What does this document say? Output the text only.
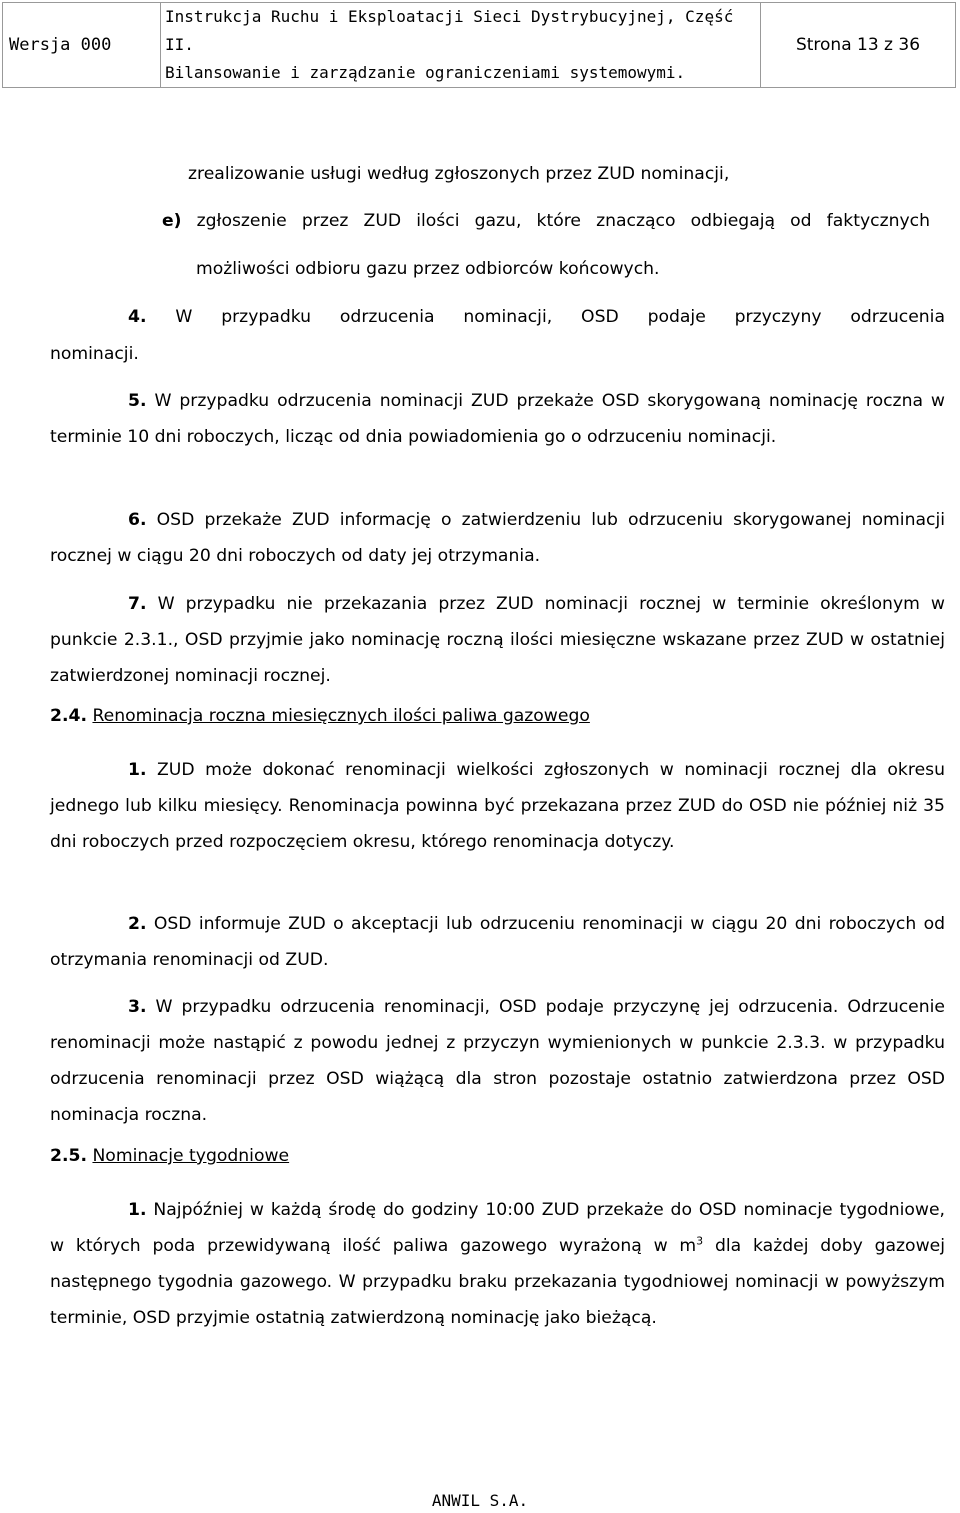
Wersja 000
Instrukcja Ruchu i Eksploatacji Sieci Dystrybucyjnej, Część II.
Bilansowanie i zarządzanie ograniczeniami systemowymi.
Strona 13 z 36

zrealizowanie usługi według zgłoszonych przez ZUD nominacji,

e) zgłoszenie przez ZUD ilości gazu, które znacząco odbiegają od faktycznych

możliwości odbioru gazu przez odbiorców końcowych.

4. W przypadku odrzucenia nominacji, OSD podaje przyczyny odrzucenia

nominacji.

5. W przypadku odrzucenia nominacji ZUD przekaże OSD skorygowaną nominację roczna w terminie 10 dni roboczych, licząc od dnia powiadomienia go o odrzuceniu nominacji.

6. OSD przekaże ZUD informację o zatwierdzeniu lub odrzuceniu skorygowanej nominacji rocznej w ciągu 20 dni roboczych od daty jej otrzymania.

7. W przypadku nie przekazania przez ZUD nominacji rocznej w terminie określonym w punkcie 2.3.1., OSD przyjmie jako nominację roczną ilości miesięczne wskazane przez ZUD w ostatniej zatwierdzonej nominacji rocznej.

2.4. Renominacja roczna miesięcznych ilości paliwa gazowego

1. ZUD może dokonać renominacji wielkości zgłoszonych w nominacji rocznej dla okresu jednego lub kilku miesięcy. Renominacja powinna być przekazana przez ZUD do OSD nie później niż 35 dni roboczych przed rozpoczęciem okresu, którego renominacja dotyczy.

2. OSD informuje ZUD o akceptacji lub odrzuceniu renominacji w ciągu 20 dni roboczych od otrzymania renominacji od ZUD.

3. W przypadku odrzucenia renominacji, OSD podaje przyczynę jej odrzucenia. Odrzucenie renominacji może nastąpić z powodu jednej z przyczyn wymienionych w punkcie 2.3.3. w przypadku odrzucenia renominacji przez OSD wiążącą dla stron pozostaje ostatnio zatwierdzona przez OSD nominacja roczna.

2.5. Nominacje tygodniowe

1. Najpóźniej w każdą środę do godziny 10:00 ZUD przekaże do OSD nominacje tygodniowe, w których poda przewidywaną ilość paliwa gazowego wyrażoną w $m^3$ dla każdej doby gazowej następnego tygodnia gazowego. W przypadku braku przekazania tygodniowej nominacji w powyższym terminie, OSD przyjmie ostatnią zatwierdzoną nominację jako bieżącą.

ANWIL S.A.
